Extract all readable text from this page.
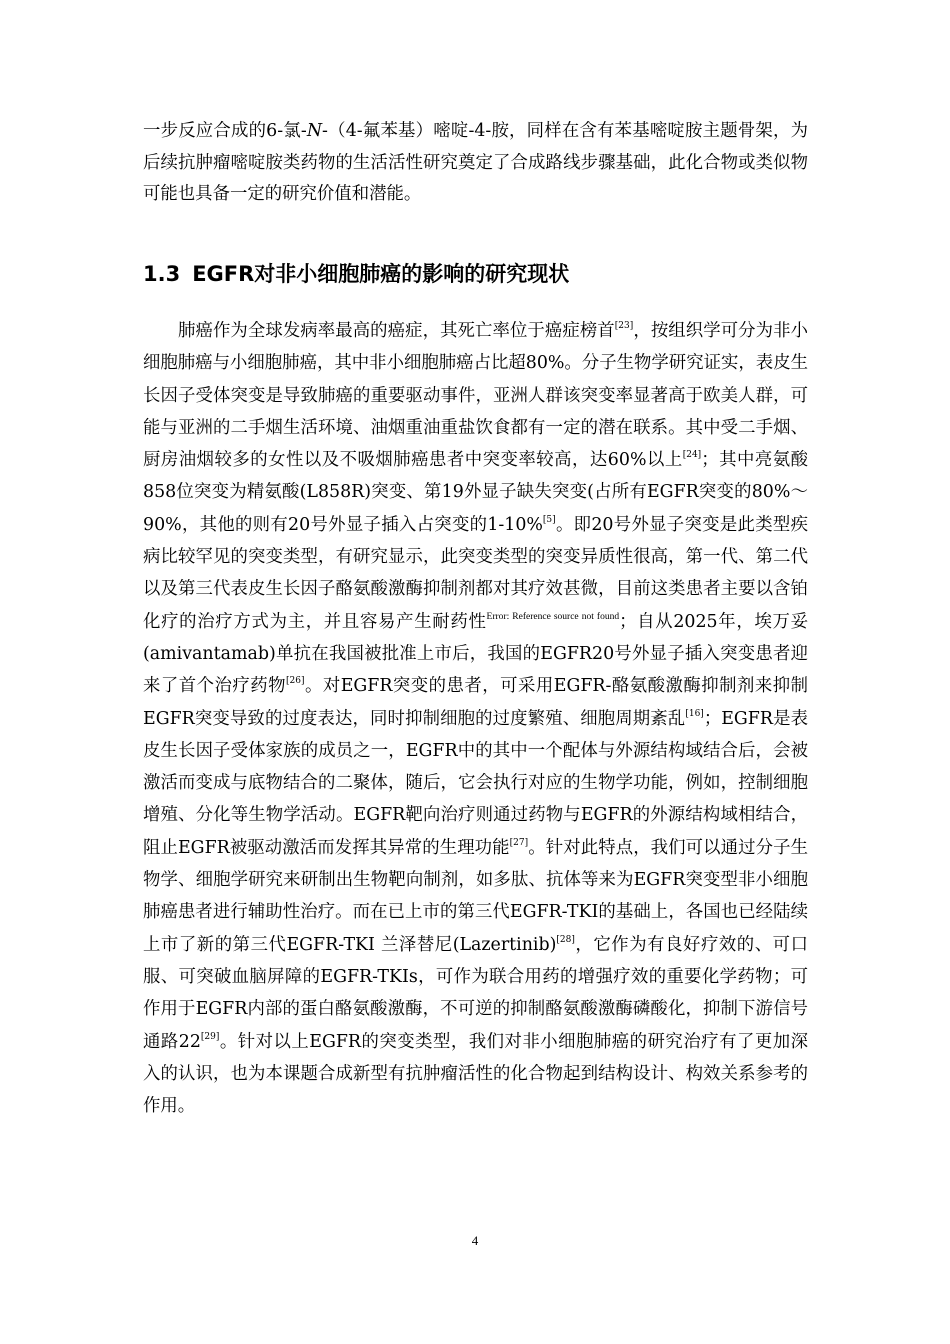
一步反应合成的6-氯-N-（4-氟苯基）嘧啶-4-胺，同样在含有苯基嘧啶胺主题骨架，为后续抗肿瘤嘧啶胺类药物的生活活性研究奠定了合成路线步骤基础，此化合物或类似物可能也具备一定的研究价值和潜能。

1.3 EGFR对非小细胞肺癌的影响的研究现状

肺癌作为全球发病率最高的癌症，其死亡率位于癌症榜首[23]，按组织学可分为非小细胞肺癌与小细胞肺癌，其中非小细胞肺癌占比超80%。分子生物学研究证实，表皮生长因子受体突变是导致肺癌的重要驱动事件，亚洲人群该突变率显著高于欧美人群，可能与亚洲的二手烟生活环境、油烟重油重盐饮食都有一定的潜在联系。其中受二手烟、厨房油烟较多的女性以及不吸烟肺癌患者中突变率较高，达60%以上[24]；其中亮氨酸858位突变为精氨酸(L858R)突变、第19外显子缺失突变(占所有EGFR突变的80%～90%，其他的则有20号外显子插入占突变的1-10%[5]。即20号外显子突变是此类型疾病比较罕见的突变类型，有研究显示，此突变类型的突变异质性很高，第一代、第二代以及第三代表皮生长因子酪氨酸激酶抑制剂都对其疗效甚微，目前这类患者主要以含铂化疗的治疗方式为主，并且容易产生耐药性$^{Error: Reference source not found}$；自从2025年，埃万妥(amivantamab)单抗在我国被批准上市后，我国的EGFR20号外显子插入突变患者迎来了首个治疗药物[26]。对EGFR突变的患者，可采用EGFR-酪氨酸激酶抑制剂来抑制EGFR突变导致的过度表达，同时抑制细胞的过度繁殖、细胞周期紊乱[16]；EGFR是表皮生长因子受体家族的成员之一，EGFR中的其中一个配体与外源结构域结合后，会被激活而变成与底物结合的二聚体，随后，它会执行对应的生物学功能，例如，控制细胞增殖、分化等生物学活动。EGFR靶向治疗则通过药物与EGFR的外源结构域相结合，阻止EGFR被驱动激活而发挥其异常的生理功能[27]。针对此特点，我们可以通过分子生物学、细胞学研究来研制出生物靶向制剂，如多肽、抗体等来为EGFR突变型非小细胞肺癌患者进行辅助性治疗。而在已上市的第三代EGFR-TKI的基础上，各国也已经陆续上市了新的第三代EGFR-TKI 兰泽替尼(Lazertinib)[28]，它作为有良好疗效的、可口服、可突破血脑屏障的EGFR-TKIs，可作为联合用药的增强疗效的重要化学药物；可作用于EGFR内部的蛋白酪氨酸激酶，不可逆的抑制酪氨酸激酶磷酸化，抑制下游信号通路22[29]。针对以上EGFR的突变类型，我们对非小细胞肺癌的研究治疗有了更加深入的认识，也为本课题合成新型有抗肿瘤活性的化合物起到结构设计、构效关系参考的作用。

4
